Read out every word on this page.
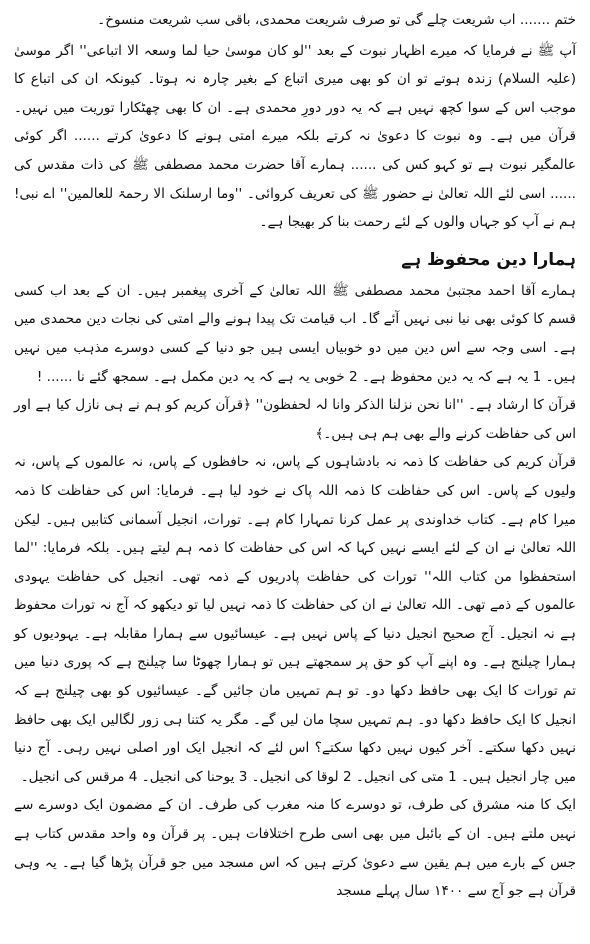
ختم ....... اب شریعت چلے گی تو صرف شریعت محمدی، باقی سب شریعت منسوخ۔

آپ ﷺ نے فرمایا کہ میرے اظہار نبوت کے بعد ''لو کان موسیٰ حیا لما وسعہ الا اتباعی'' اگر موسیٰ (علیہ السلام) زندہ ہوتے تو ان کو بھی میری اتباع کے بغیر چارہ نہ ہوتا۔ کیونکہ ان کی اتباع کا موجب اس کے سوا کچھ نہیں ہے کہ یہ دور دورِ محمدی ہے۔ ان کا بھی چھٹکارا توریت میں نہیں۔ قرآن میں ہے۔ وہ نبوت کا دعویٰ نہ کرتے بلکہ میرے امتی ہونے کا دعویٰ کرتے ...... اگر کوئی عالمگیر نبوت ہے تو کہو کس کی ...... ہمارے آقا حضرت محمد مصطفی ﷺ کی ذات مقدس کی ...... اسی لئے اللہ تعالیٰ نے حضور ﷺ کی تعریف کروائی۔ ''وما ارسلنک الا رحمۃ للعالمین'' اے نبی! ہم نے آپ کو جہاں والوں کے لئے رحمت بنا کر بھیجا ہے۔

ہمارا دین محفوظ ہے

ہمارے آقا احمد مجتبیٰ محمد مصطفی ﷺ اللہ تعالیٰ کے آخری پیغمبر ہیں۔ ان کے بعد اب کسی قسم کا کوئی بھی نیا نبی نہیں آئے گا۔ اب قیامت تک پیدا ہونے والے امتی کی نجات دین محمدی میں ہے۔ اسی وجہ سے اس دین میں دو خوبیاں ایسی ہیں جو دنیا کے کسی دوسرے مذہب میں نہیں ہیں۔ 1 یہ ہے کہ یہ دین محفوظ ہے۔ 2 خوبی یہ ہے کہ یہ دین مکمل ہے۔ سمجھ گئے نا ...... !

قرآن کا ارشاد ہے۔ ''انا نحن نزلنا الذکر وانا لہ لحفظون'' ﴿قرآن کریم کو ہم نے ہی نازل کیا ہے اور اس کی حفاظت کرنے والے بھی ہم ہی ہیں۔﴾

قرآن کریم کی حفاظت کا ذمہ نہ بادشاہوں کے پاس، نہ حافظوں کے پاس، نہ عالموں کے پاس، نہ ولیوں کے پاس۔ اس کی حفاظت کا ذمہ اللہ پاک نے خود لیا ہے۔ فرمایا: اس کی حفاظت کا ذمہ میرا کام ہے۔ کتاب خداوندی پر عمل کرنا تمہارا کام ہے۔ تورات، انجیل آسمانی کتابیں ہیں۔ لیکن اللہ تعالیٰ نے ان کے لئے ایسے نہیں کہا کہ اس کی حفاظت کا ذمہ ہم لیتے ہیں۔ بلکہ فرمایا: ''لما استحفظوا من کتاب اللہ'' تورات کی حفاظت پادریوں کے ذمہ تھی۔ انجیل کی حفاظت یہودی عالموں کے ذمے تھی۔ اللہ تعالیٰ نے ان کی حفاظت کا ذمہ نہیں لیا تو دیکھو کہ آج نہ تورات محفوظ ہے نہ انجیل۔ آج صحیح انجیل دنیا کے پاس نہیں ہے۔ عیسائیوں سے ہمارا مقابلہ ہے۔ یہودیوں کو ہمارا چیلنج ہے۔ وہ اپنے آپ کو حق پر سمجھتے ہیں تو ہمارا چھوٹا سا چیلنج ہے کہ پوری دنیا میں تم تورات کا ایک بھی حافظ دکھا دو۔ تو ہم تمہیں مان جائیں گے۔ عیسائیوں کو بھی چیلنج ہے کہ انجیل کا ایک حافظ دکھا دو۔ ہم تمہیں سچا مان لیں گے۔ مگر یہ کتنا ہی زور لگالیں ایک بھی حافظ نہیں دکھا سکتے۔ آخر کیوں نہیں دکھا سکتے؟ اس لئے کہ انجیل ایک اور اصلی نہیں رہی۔ آج دنیا میں چار انجیل ہیں۔ 1 متی کی انجیل۔ 2 لوقا کی انجیل۔ 3 یوحنا کی انجیل۔ 4 مرقس کی انجیل۔

ایک کا منہ مشرق کی طرف، تو دوسرے کا منہ مغرب کی طرف۔ ان کے مضمون ایک دوسرے سے نہیں ملتے ہیں۔ ان کے بائبل میں بھی اسی طرح اختلافات ہیں۔ پر قرآن وہ واحد مقدس کتاب ہے جس کے بارے میں ہم یقین سے دعویٰ کرتے ہیں کہ اس مسجد میں جو قرآن پڑھا گیا ہے۔ یہ وہی قرآن ہے جو آج سے ۱۴۰۰ سال پہلے مسجد
